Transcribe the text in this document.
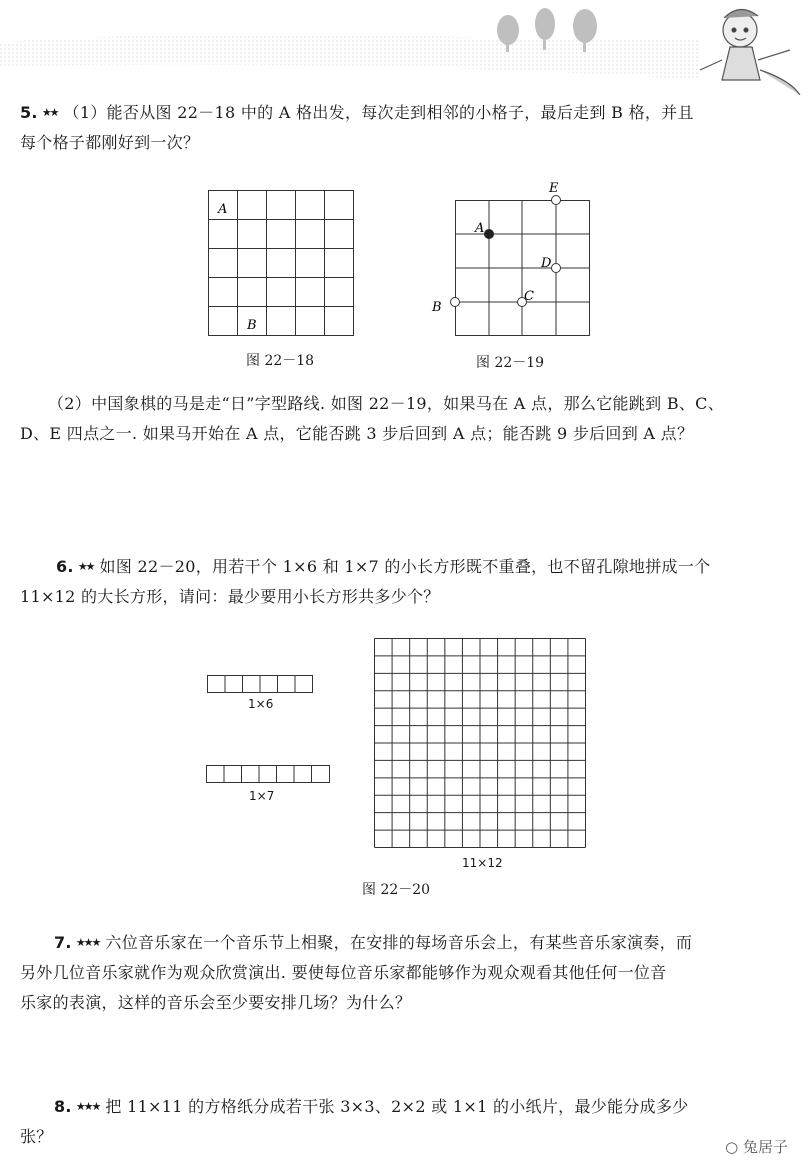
5. ★★ （1）能否从图 22－18 中的 A 格出发，每次走到相邻的小格子，最后走到 B 格，并且
每个格子都刚好到一次？
A
B
图 22－18
E
A
D
C
B
图 22－19
（2）中国象棋的马是走“日”字型路线. 如图 22－19，如果马在 A 点，那么它能跳到 B、C、
D、E 四点之一. 如果马开始在 A 点，它能否跳 3 步后回到 A 点；能否跳 9 步后回到 A 点？
6. ★★ 如图 22－20，用若干个 1×6 和 1×7 的小长方形既不重叠，也不留孔隙地拼成一个
11×12 的大长方形，请问：最少要用小长方形共多少个？
1×6
1×7
11×12
图 22－20
7. ★★★ 六位音乐家在一个音乐节上相聚，在安排的每场音乐会上，有某些音乐家演奏，而
另外几位音乐家就作为观众欣赏演出. 要使每位音乐家都能够作为观众观看其他任何一位音
乐家的表演，这样的音乐会至少要安排几场？为什么？
8. ★★★ 把 11×11 的方格纸分成若干张 3×3、2×2 或 1×1 的小纸片，最少能分成多少
张？
○ 兔居子
